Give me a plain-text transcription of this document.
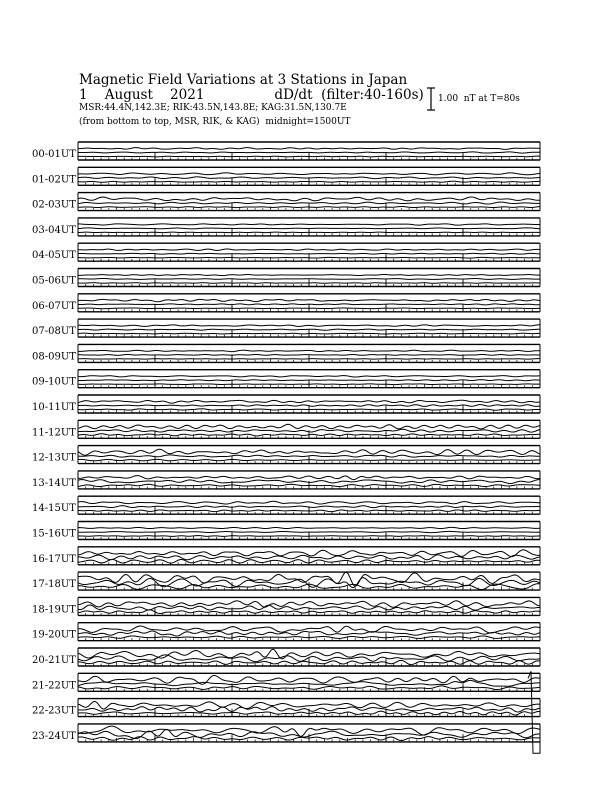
Magnetic Field Variations at 3 Stations in Japan
1    August    2021	dD/dt  (filter:40-160s)
MSR:44.4N,142.3E; RIK:43.5N,143.8E; KAG:31.5N,130.7E
(from bottom to top, MSR, RIK, & KAG)  midnight=1500UT
1.00  nT at T=80s
00-01UT
01-02UT
02-03UT
03-04UT
04-05UT
05-06UT
06-07UT
07-08UT
08-09UT
09-10UT
10-11UT
11-12UT
12-13UT
13-14UT
14-15UT
15-16UT
16-17UT
17-18UT
18-19UT
19-20UT
20-21UT
21-22UT
22-23UT
23-24UT
